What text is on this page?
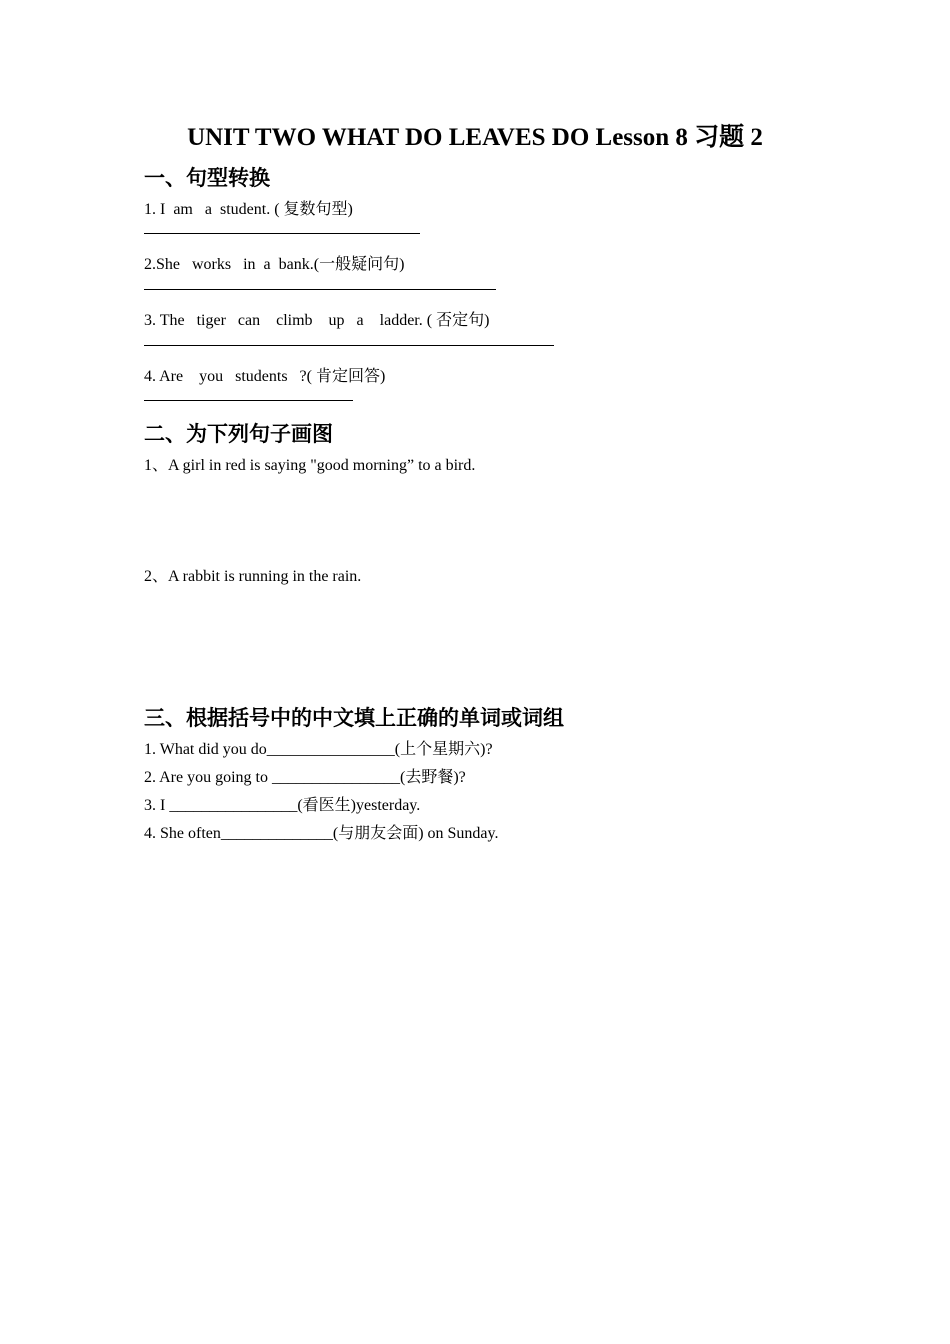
UNIT TWO WHAT DO LEAVES DO Lesson 8 习题 2
一、句型转换
1. I  am   a  student. ( 复数句型)
2.She   works   in  a  bank.(一般疑问句)
3. The   tiger   can    climb    up   a    ladder. ( 否定句)
4. Are    you   students   ?( 肯定回答)
二、为下列句子画图
1、A girl in red is saying "good morning” to a bird.
2、A rabbit is running in the rain.
三、根据括号中的中文填上正确的单词或词组
1. What did you do________________(上个星期六)?
2. Are you going to ________________(去野餐)?
3. I ________________(看医生)yesterday.
4. She often______________(与朋友会面) on Sunday.
